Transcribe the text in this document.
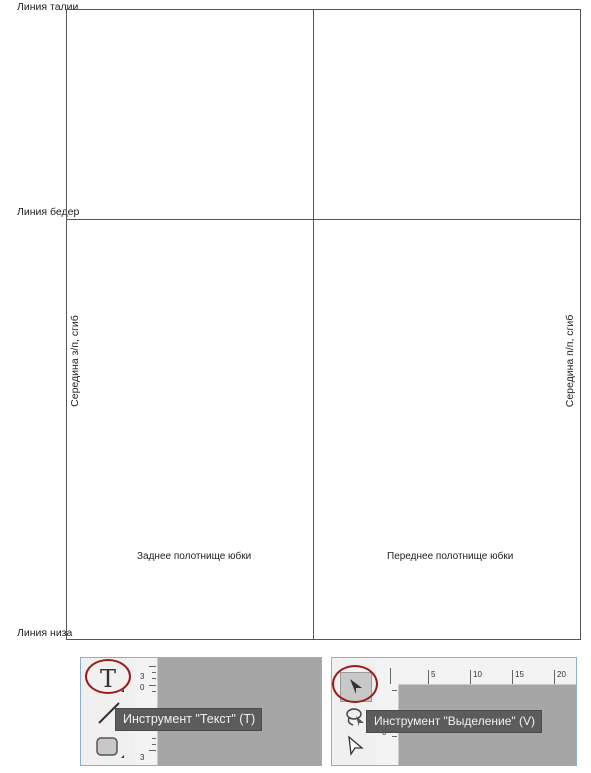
Линия талии
Линия бедер
Линия низа
Середина з/п, сгиб	Середина п/п, сгиб
Заднее полотнище юбки	Переднее полотнище юбки
3
0
3
T
Инструмент "Текст" (T)
5	10	15	20
Инструмент "Выделение" (V)
